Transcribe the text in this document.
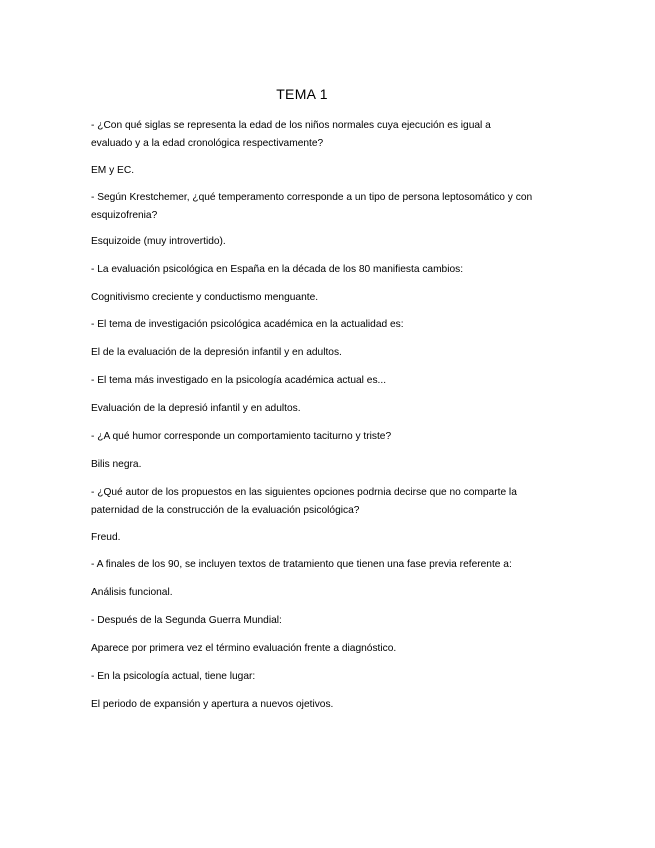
TEMA 1
- ¿Con qué siglas se representa la edad de los niños normales cuya ejecución es igual a
evaluado y a la edad cronológica respectivamente?
EM y EC.
- Según Krestchemer, ¿qué temperamento corresponde a un tipo de persona leptosomático y con
esquizofrenia?
Esquizoide (muy introvertido).
- La evaluación psicológica en España en la década de los 80 manifiesta cambios:
Cognitivismo creciente y conductismo menguante.
- El tema de investigación psicológica académica en la actualidad es:
El de la evaluación de la depresión infantil y en adultos.
- El tema más investigado en la psicología académica actual es...
Evaluación de la depresió infantil y en adultos.
- ¿A qué humor corresponde un comportamiento taciturno y triste?
Bilis negra.
- ¿Qué autor de los propuestos en las siguientes opciones podrnia decirse que no comparte la
paternidad de la construcción de la evaluación psicológica?
Freud.
- A finales de los 90, se incluyen textos de tratamiento que tienen una fase previa referente a:
Análisis funcional.
- Después de la Segunda Guerra Mundial:
Aparece por primera vez el término evaluación frente a diagnóstico.
- En la psicología actual, tiene lugar:
El periodo de expansión y apertura a nuevos ojetivos.
